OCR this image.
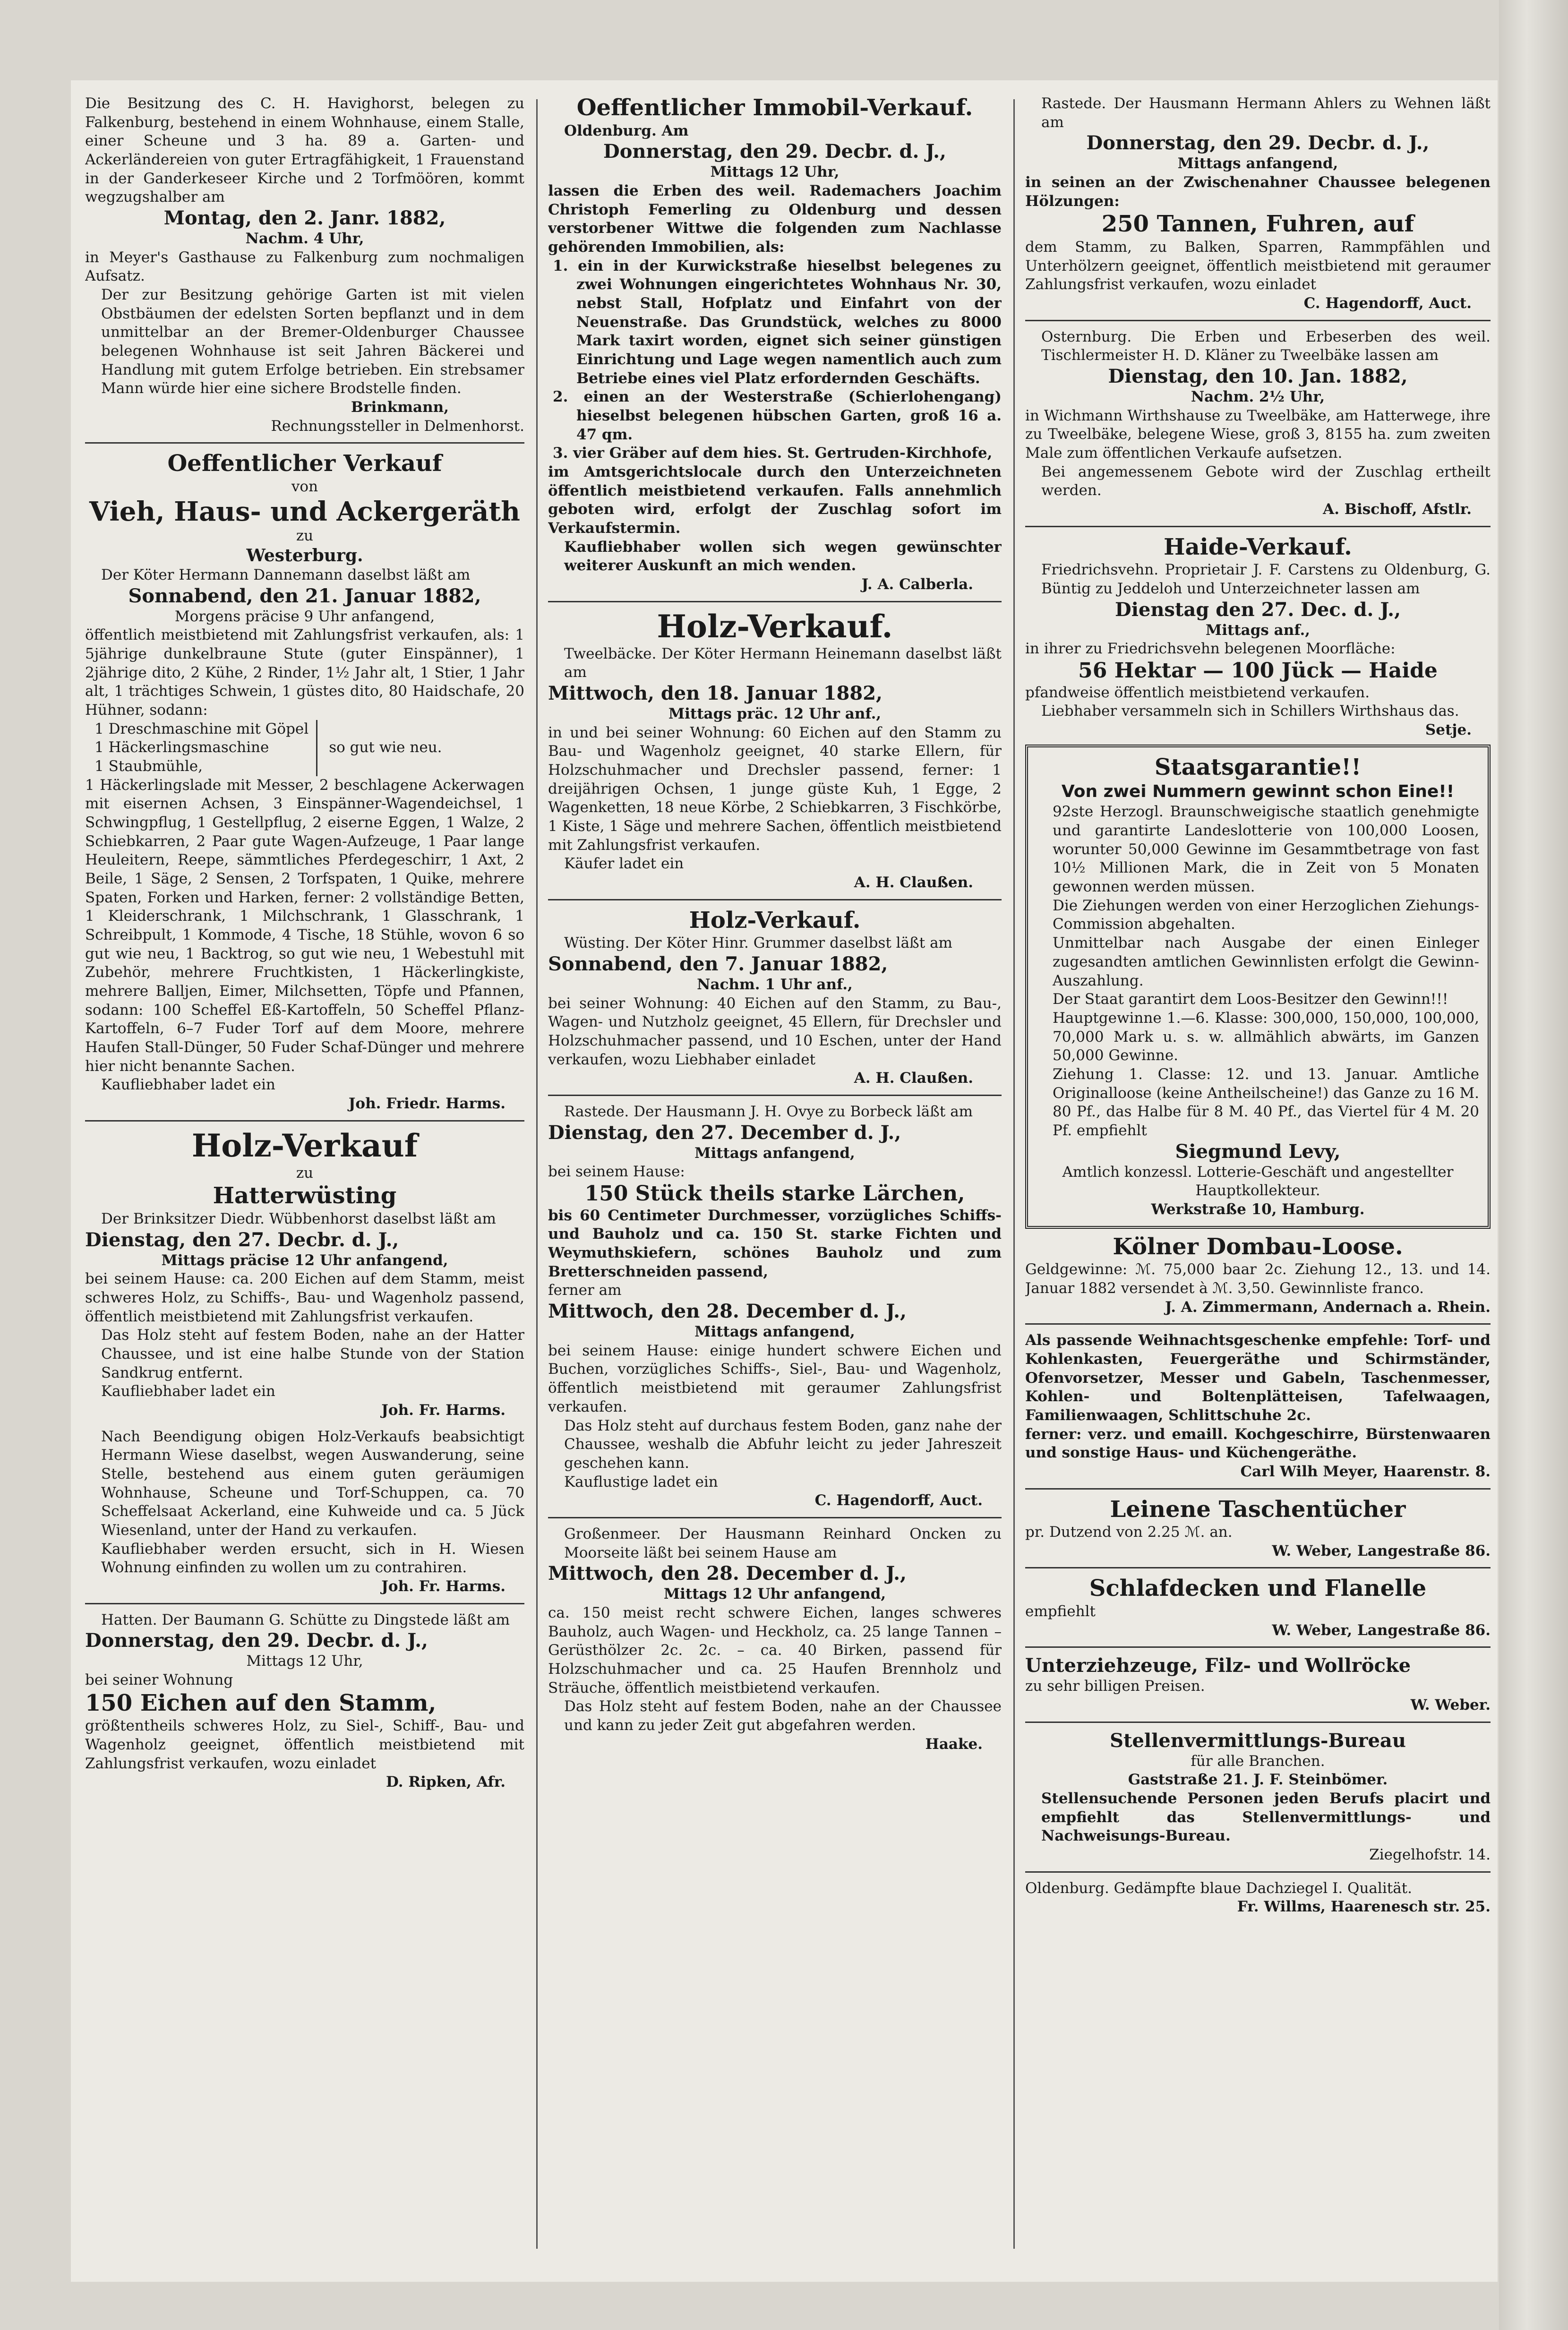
Die Besitzung des C. H. Havighorst, belegen zu Falkenburg, bestehend in einem Wohnhause, einem Stalle, einer Scheune und 3 ha. 89 a. Garten- und Ackerländereien von guter Ertragfähigkeit, 1 Frauenstand in der Ganderkeseer Kirche und 2 Torfmöören, kommt wegzugshalber am

Montag, den 2. Janr. 1882,

Nachm. 4 Uhr,

in Meyer's Gasthause zu Falkenburg zum nochmaligen Aufsatz.

Der zur Besitzung gehörige Garten ist mit vielen Obstbäumen der edelsten Sorten bepflanzt und in dem unmittelbar an der Bremer-Oldenburger Chaussee belegenen Wohnhause ist seit Jahren Bäckerei und Handlung mit gutem Erfolge betrieben. Ein strebsamer Mann würde hier eine sichere Brodstelle finden.

Brinkmann,

Rechnungssteller in Delmenhorst.

Oeffentlicher Verkauf

von

Vieh, Haus- und Ackergeräth

zu

Westerburg.

Der Köter Hermann Dannemann daselbst läßt am

Sonnabend, den 21. Januar 1882,

Morgens präcise 9 Uhr anfangend,

öffentlich meistbietend mit Zahlungsfrist verkaufen, als: 1 5jährige dunkelbraune Stute (guter Einspänner), 1 2jährige dito, 2 Kühe, 2 Rinder, 1½ Jahr alt, 1 Stier, 1 Jahr alt, 1 trächtiges Schwein, 1 güstes dito, 80 Haidschafe, 20 Hühner, sodann:

1 Dreschmaschine mit Göpel

1 Häckerlingsmaschine

1 Staubmühle,

so gut wie neu.

1 Häckerlingslade mit Messer, 2 beschlagene Ackerwagen mit eisernen Achsen, 3 Einspänner-Wagendeichsel, 1 Schwingpflug, 1 Gestellpflug, 2 eiserne Eggen, 1 Walze, 2 Schiebkarren, 2 Paar gute Wagen-Aufzeuge, 1 Paar lange Heuleitern, Reepe, sämmtliches Pferdegeschirr, 1 Axt, 2 Beile, 1 Säge, 2 Sensen, 2 Torfspaten, 1 Quike, mehrere Spaten, Forken und Harken, ferner: 2 vollständige Betten, 1 Kleiderschrank, 1 Milchschrank, 1 Glasschrank, 1 Schreibpult, 1 Kommode, 4 Tische, 18 Stühle, wovon 6 so gut wie neu, 1 Backtrog, so gut wie neu, 1 Webestuhl mit Zubehör, mehrere Fruchtkisten, 1 Häckerlingkiste, mehrere Balljen, Eimer, Milchsetten, Töpfe und Pfannen, sodann: 100 Scheffel Eß-Kartoffeln, 50 Scheffel Pflanz-Kartoffeln, 6–7 Fuder Torf auf dem Moore, mehrere Haufen Stall-Dünger, 50 Fuder Schaf-Dünger und mehrere hier nicht benannte Sachen.

Kaufliebhaber ladet ein

Joh. Friedr. Harms.

Holz-Verkauf

zu

Hatterwüsting

Der Brinksitzer Diedr. Wübbenhorst daselbst läßt am

Dienstag, den 27. Decbr. d. J.,

Mittags präcise 12 Uhr anfangend,

bei seinem Hause: ca. 200 Eichen auf dem Stamm, meist schweres Holz, zu Schiffs-, Bau- und Wagenholz passend, öffentlich meistbietend mit Zahlungsfrist verkaufen.

Das Holz steht auf festem Boden, nahe an der Hatter Chaussee, und ist eine halbe Stunde von der Station Sandkrug entfernt.

Kaufliebhaber ladet ein

Joh. Fr. Harms.

Nach Beendigung obigen Holz-Verkaufs beabsichtigt Hermann Wiese daselbst, wegen Auswanderung, seine Stelle, bestehend aus einem guten geräumigen Wohnhause, Scheune und Torf-Schuppen, ca. 70 Scheffelsaat Ackerland, eine Kuhweide und ca. 5 Jück Wiesenland, unter der Hand zu verkaufen.

Kaufliebhaber werden ersucht, sich in H. Wiesen Wohnung einfinden zu wollen um zu contrahiren.

Joh. Fr. Harms.

Hatten. Der Baumann G. Schütte zu Dingstede läßt am

Donnerstag, den 29. Decbr. d. J.,

Mittags 12 Uhr,

bei seiner Wohnung

150 Eichen auf den Stamm,

größtentheils schweres Holz, zu Siel-, Schiff-, Bau- und Wagenholz geeignet, öffentlich meistbietend mit Zahlungsfrist verkaufen, wozu einladet

D. Ripken, Afr.

Oeffentlicher Immobil-Verkauf.

Oldenburg. Am

Donnerstag, den 29. Decbr. d. J.,

Mittags 12 Uhr,

lassen die Erben des weil. Rademachers Joachim Christoph Femerling zu Oldenburg und dessen verstorbener Wittwe die folgenden zum Nachlasse gehörenden Immobilien, als:

1. ein in der Kurwickstraße hieselbst belegenes zu zwei Wohnungen eingerichtetes Wohnhaus Nr. 30, nebst Stall, Hofplatz und Einfahrt von der Neuenstraße. Das Grundstück, welches zu 8000 Mark taxirt worden, eignet sich seiner günstigen Einrichtung und Lage wegen namentlich auch zum Betriebe eines viel Platz erfordernden Geschäfts.

2. einen an der Westerstraße (Schierlohengang) hieselbst belegenen hübschen Garten, groß 16 a. 47 qm.

3. vier Gräber auf dem hies. St. Gertruden-Kirchhofe,

im Amtsgerichtslocale durch den Unterzeichneten öffentlich meistbietend verkaufen. Falls annehmlich geboten wird, erfolgt der Zuschlag sofort im Verkaufstermin.

Kaufliebhaber wollen sich wegen gewünschter weiterer Auskunft an mich wenden.

J. A. Calberla.

Holz-Verkauf.

Tweelbäcke. Der Köter Hermann Heinemann daselbst läßt am

Mittwoch, den 18. Januar 1882,

Mittags präc. 12 Uhr anf.,

in und bei seiner Wohnung: 60 Eichen auf den Stamm zu Bau- und Wagenholz geeignet, 40 starke Ellern, für Holzschuhmacher und Drechsler passend, ferner: 1 dreijährigen Ochsen, 1 junge güste Kuh, 1 Egge, 2 Wagenketten, 18 neue Körbe, 2 Schiebkarren, 3 Fischkörbe, 1 Kiste, 1 Säge und mehrere Sachen, öffentlich meistbietend mit Zahlungsfrist verkaufen.

Käufer ladet ein

A. H. Claußen.

Holz-Verkauf.

Wüsting. Der Köter Hinr. Grummer daselbst läßt am

Sonnabend, den 7. Januar 1882,

Nachm. 1 Uhr anf.,

bei seiner Wohnung: 40 Eichen auf den Stamm, zu Bau-, Wagen- und Nutzholz geeignet, 45 Ellern, für Drechsler und Holzschuhmacher passend, und 10 Eschen, unter der Hand verkaufen, wozu Liebhaber einladet

A. H. Claußen.

Rastede. Der Hausmann J. H. Ovye zu Borbeck läßt am

Dienstag, den 27. December d. J.,

Mittags anfangend,

bei seinem Hause:

150 Stück theils starke Lärchen,

bis 60 Centimeter Durchmesser, vorzügliches Schiffs- und Bauholz und ca. 150 St. starke Fichten und Weymuthskiefern, schönes Bauholz und zum Bretterschneiden passend,

ferner am

Mittwoch, den 28. December d. J.,

Mittags anfangend,

bei seinem Hause: einige hundert schwere Eichen und Buchen, vorzügliches Schiffs-, Siel-, Bau- und Wagenholz, öffentlich meistbietend mit geraumer Zahlungsfrist verkaufen.

Das Holz steht auf durchaus festem Boden, ganz nahe der Chaussee, weshalb die Abfuhr leicht zu jeder Jahreszeit geschehen kann.

Kauflustige ladet ein

C. Hagendorff, Auct.

Großenmeer. Der Hausmann Reinhard Oncken zu Moorseite läßt bei seinem Hause am

Mittwoch, den 28. December d. J.,

Mittags 12 Uhr anfangend,

ca. 150 meist recht schwere Eichen, langes schweres Bauholz, auch Wagen- und Heckholz, ca. 25 lange Tannen – Gerüsthölzer 2c. 2c. – ca. 40 Birken, passend für Holzschuhmacher und ca. 25 Haufen Brennholz und Sträuche, öffentlich meistbietend verkaufen.

Das Holz steht auf festem Boden, nahe an der Chaussee und kann zu jeder Zeit gut abgefahren werden.

Haake.

Rastede. Der Hausmann Hermann Ahlers zu Wehnen läßt am

Donnerstag, den 29. Decbr. d. J.,

Mittags anfangend,

in seinen an der Zwischenahner Chaussee belegenen Hölzungen:

250 Tannen, Fuhren, auf

dem Stamm, zu Balken, Sparren, Rammpfählen und Unterhölzern geeignet, öffentlich meistbietend mit geraumer Zahlungsfrist verkaufen, wozu einladet

C. Hagendorff, Auct.

Osternburg. Die Erben und Erbeserben des weil. Tischlermeister H. D. Kläner zu Tweelbäke lassen am

Dienstag, den 10. Jan. 1882,

Nachm. 2½ Uhr,

in Wichmann Wirthshause zu Tweelbäke, am Hatterwege, ihre zu Tweelbäke, belegene Wiese, groß 3, 8155 ha. zum zweiten Male zum öffentlichen Verkaufe aufsetzen.

Bei angemessenem Gebote wird der Zuschlag ertheilt werden.

A. Bischoff, Afstlr.

Haide-Verkauf.

Friedrichsvehn. Proprietair J. F. Carstens zu Oldenburg, G. Büntig zu Jeddeloh und Unterzeichneter lassen am

Dienstag den 27. Dec. d. J.,

Mittags anf.,

in ihrer zu Friedrichsvehn belegenen Moorfläche:

56 Hektar — 100 Jück — Haide

pfandweise öffentlich meistbietend verkaufen.

Liebhaber versammeln sich in Schillers Wirthshaus das.

Setje.

Staatsgarantie!!

Von zwei Nummern gewinnt schon Eine!!

92ste Herzogl. Braunschweigische staatlich genehmigte und garantirte Landeslotterie von 100,000 Loosen, worunter 50,000 Gewinne im Gesammtbetrage von fast 10½ Millionen Mark, die in Zeit von 5 Monaten gewonnen werden müssen.

Die Ziehungen werden von einer Herzoglichen Ziehungs-Commission abgehalten.

Unmittelbar nach Ausgabe der einen Einleger zugesandten amtlichen Gewinnlisten erfolgt die Gewinn-Auszahlung.

Der Staat garantirt dem Loos-Besitzer den Gewinn!!!

Hauptgewinne 1.—6. Klasse: 300,000, 150,000, 100,000, 70,000 Mark u. s. w. allmählich abwärts, im Ganzen 50,000 Gewinne.

Ziehung 1. Classe: 12. und 13. Januar. Amtliche Originalloose (keine Antheilscheine!) das Ganze zu 16 M. 80 Pf., das Halbe für 8 M. 40 Pf., das Viertel für 4 M. 20 Pf. empfiehlt

Siegmund Levy,

Amtlich konzessl. Lotterie-Geschäft und angestellter Hauptkollekteur.

Werkstraße 10, Hamburg.

Kölner Dombau-Loose.

Geldgewinne: ℳ. 75,000 baar 2c. Ziehung 12., 13. und 14. Januar 1882 versendet à ℳ. 3,50. Gewinnliste franco.

J. A. Zimmermann, Andernach a. Rhein.

Als passende Weihnachtsgeschenke empfehle: Torf- und Kohlenkasten, Feuergeräthe und Schirmständer, Ofenvorsetzer, Messer und Gabeln, Taschenmesser, Kohlen- und Boltenplätteisen, Tafelwaagen, Familienwaagen, Schlittschuhe 2c.

ferner: verz. und emaill. Kochgeschirre, Bürstenwaaren und sonstige Haus- und Küchengeräthe.

Carl Wilh Meyer, Haarenstr. 8.

Leinene Taschentücher

pr. Dutzend von 2.25 ℳ. an.

W. Weber, Langestraße 86.

Schlafdecken und Flanelle

empfiehlt

W. Weber, Langestraße 86.

Unterziehzeuge, Filz- und Wollröcke

zu sehr billigen Preisen.

W. Weber.

Stellenvermittlungs-Bureau

für alle Branchen.

Gaststraße 21. J. F. Steinbömer.

Stellensuchende Personen jeden Berufs placirt und empfiehlt das Stellenvermittlungs- und Nachweisungs-Bureau.

Ziegelhofstr. 14.

Oldenburg. Gedämpfte blaue Dachziegel I. Qualität.

Fr. Willms, Haarenesch str. 25.
